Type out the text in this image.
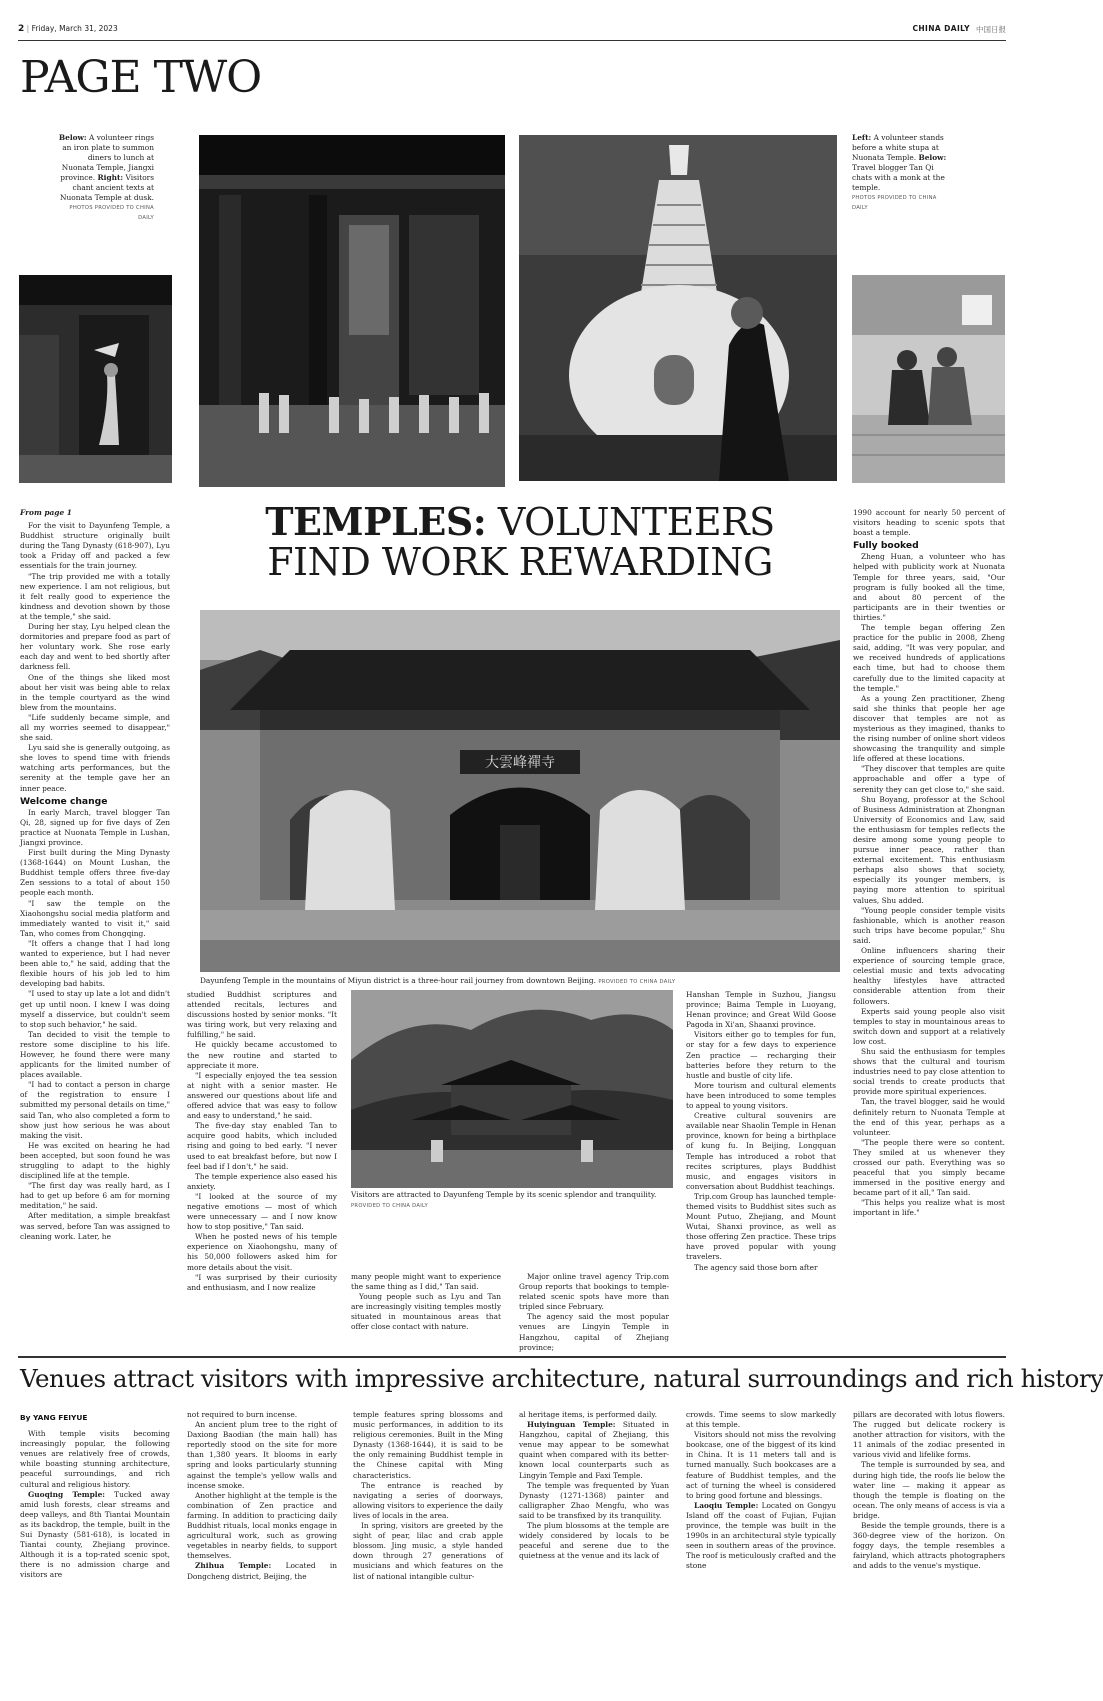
2 | Friday, March 31, 2023	CHINA DAILY 中国日报
PAGE TWO
Below: A volunteer rings an iron plate to summon diners to lunch at Nuonata Temple, Jiangxi province. Right: Visitors chant ancient texts at Nuonata Temple at dusk.
PHOTOS PROVIDED TO CHINA DAILY
Left: A volunteer stands before a white stupa at Nuonata Temple. Below: Travel blogger Tan Qi chats with a monk at the temple.
PHOTOS PROVIDED TO CHINA DAILY
TEMPLES: VOLUNTEERS
FIND WORK REWARDING
大雲峰禪寺
Dayunfeng Temple in the mountains of Miyun district is a three-hour rail journey from downtown Beijing. PROVIDED TO CHINA DAILY
Visitors are attracted to Dayunfeng Temple by its scenic splendor and tranquility. PROVIDED TO CHINA DAILY

From page 1

For the visit to Dayunfeng Temple, a Buddhist structure originally built during the Tang Dynasty (618-907), Lyu took a Friday off and packed a few essentials for the train journey.

"The trip provided me with a totally new experience. I am not religious, but it felt really good to experience the kindness and devotion shown by those at the temple," she said.

During her stay, Lyu helped clean the dormitories and prepare food as part of her voluntary work. She rose early each day and went to bed shortly after darkness fell.

One of the things she liked most about her visit was being able to relax in the temple courtyard as the wind blew from the mountains.

"Life suddenly became simple, and all my worries seemed to disappear," she said.

Lyu said she is generally outgoing, as she loves to spend time with friends watching arts performances, but the serenity at the temple gave her an inner peace.

Welcome change

In early March, travel blogger Tan Qi, 28, signed up for five days of Zen practice at Nuonata Temple in Lushan, Jiangxi province.

First built during the Ming Dynasty (1368-1644) on Mount Lushan, the Buddhist temple offers three five-day Zen sessions to a total of about 150 people each month.

"I saw the temple on the Xiaohongshu social media platform and immediately wanted to visit it," said Tan, who comes from Chongqing.

"It offers a change that I had long wanted to experience, but I had never been able to," he said, adding that the flexible hours of his job led to him developing bad habits.

"I used to stay up late a lot and didn't get up until noon. I knew I was doing myself a disservice, but couldn't seem to stop such behavior," he said.

Tan decided to visit the temple to restore some discipline to his life. However, he found there were many applicants for the limited number of places available.

"I had to contact a person in charge of the registration to ensure I submitted my personal details on time," said Tan, who also completed a form to show just how serious he was about making the visit.

He was excited on hearing he had been accepted, but soon found he was struggling to adapt to the highly disciplined life at the temple.

"The first day was really hard, as I had to get up before 6 am for morning meditation," he said.

After meditation, a simple breakfast was served, before Tan was assigned to cleaning work. Later, he

studied Buddhist scriptures and attended recitals, lectures and discussions hosted by senior monks. "It was tiring work, but very relaxing and fulfilling," he said.

He quickly became accustomed to the new routine and started to appreciate it more.

"I especially enjoyed the tea session at night with a senior master. He answered our questions about life and offered advice that was easy to follow and easy to understand," he said.

The five-day stay enabled Tan to acquire good habits, which included rising and going to bed early. "I never used to eat breakfast before, but now I feel bad if I don't," he said.

The temple experience also eased his anxiety.

"I looked at the source of my negative emotions — most of which were unnecessary — and I now know how to stop positive," Tan said.

When he posted news of his temple experience on Xiaohongshu, many of his 50,000 followers asked him for more details about the visit.

"I was surprised by their curiosity and enthusiasm, and I now realize

many people might want to experience the same thing as I did," Tan said.

Young people such as Lyu and Tan are increasingly visiting temples mostly situated in mountainous areas that offer close contact with nature.

Major online travel agency Trip.com Group reports that bookings to temple-related scenic spots have more than tripled since February.

The agency said the most popular venues are Lingyin Temple in Hangzhou, capital of Zhejiang province;

Hanshan Temple in Suzhou, Jiangsu province; Baima Temple in Luoyang, Henan province; and Great Wild Goose Pagoda in Xi'an, Shaanxi province.

Visitors either go to temples for fun, or stay for a few days to experience Zen practice — recharging their batteries before they return to the hustle and bustle of city life.

More tourism and cultural elements have been introduced to some temples to appeal to young visitors.

Creative cultural souvenirs are available near Shaolin Temple in Henan province, known for being a birthplace of kung fu. In Beijing, Longquan Temple has introduced a robot that recites scriptures, plays Buddhist music, and engages visitors in conversation about Buddhist teachings.

Trip.com Group has launched temple-themed visits to Buddhist sites such as Mount Putuo, Zhejiang, and Mount Wutai, Shanxi province, as well as those offering Zen practice. These trips have proved popular with young travelers.

The agency said those born after

1990 account for nearly 50 percent of visitors heading to scenic spots that boast a temple.

Fully booked

Zheng Huan, a volunteer who has helped with publicity work at Nuonata Temple for three years, said, "Our program is fully booked all the time, and about 80 percent of the participants are in their twenties or thirties."

The temple began offering Zen practice for the public in 2008, Zheng said, adding, "It was very popular, and we received hundreds of applications each time, but had to choose them carefully due to the limited capacity at the temple."

As a young Zen practitioner, Zheng said she thinks that people her age discover that temples are not as mysterious as they imagined, thanks to the rising number of online short videos showcasing the tranquility and simple life offered at these locations.

"They discover that temples are quite approachable and offer a type of serenity they can get close to," she said.

Shu Boyang, professor at the School of Business Administration at Zhongnan University of Economics and Law, said the enthusiasm for temples reflects the desire among some young people to pursue inner peace, rather than external excitement. This enthusiasm perhaps also shows that society, especially its younger members, is paying more attention to spiritual values, Shu added.

"Young people consider temple visits fashionable, which is another reason such trips have become popular," Shu said.

Online influencers sharing their experience of sourcing temple grace, celestial music and texts advocating healthy lifestyles have attracted considerable attention from their followers.

Experts said young people also visit temples to stay in mountainous areas to switch down and support at a relatively low cost.

Shu said the enthusiasm for temples shows that the cultural and tourism industries need to pay close attention to social trends to create products that provide more spiritual experiences.

Tan, the travel blogger, said he would definitely return to Nuonata Temple at the end of this year, perhaps as a volunteer.

"The people there were so content. They smiled at us whenever they crossed our path. Everything was so peaceful that you simply became immersed in the positive energy and became part of it all," Tan said.

"This helps you realize what is most important in life."

Venues attract visitors with impressive architecture, natural surroundings and rich history

By YANG FEIYUE

With temple visits becoming increasingly popular, the following venues are relatively free of crowds, while boasting stunning architecture, peaceful surroundings, and rich cultural and religious history.

Guoqing Temple: Tucked away amid lush forests, clear streams and deep valleys, and 8th Tiantai Mountain as its backdrop, the temple, built in the Sui Dynasty (581-618), is located in Tiantai county, Zhejiang province. Although it is a top-rated scenic spot, there is no admission charge and visitors are

not required to burn incense.

An ancient plum tree to the right of Daxiong Baodian (the main hall) has reportedly stood on the site for more than 1,380 years. It blooms in early spring and looks particularly stunning against the temple's yellow walls and incense smoke.

Another highlight at the temple is the combination of Zen practice and farming. In addition to practicing daily Buddhist rituals, local monks engage in agricultural work, such as growing vegetables in nearby fields, to support themselves.

Zhihua Temple: Located in Dongcheng district, Beijing, the

temple features spring blossoms and music performances, in addition to its religious ceremonies. Built in the Ming Dynasty (1368-1644), it is said to be the only remaining Buddhist temple in the Chinese capital with Ming characteristics.

The entrance is reached by navigating a series of doorways, allowing visitors to experience the daily lives of locals in the area.

In spring, visitors are greeted by the sight of pear, lilac and crab apple blossom. Jing music, a style handed down through 27 generations of musicians and which features on the list of national intangible cultur-

al heritage items, is performed daily.

Huiyinguan Temple: Situated in Hangzhou, capital of Zhejiang, this venue may appear to be somewhat quaint when compared with its better-known local counterparts such as Lingyin Temple and Faxi Temple.

The temple was frequented by Yuan Dynasty (1271-1368) painter and calligrapher Zhao Mengfu, who was said to be transfixed by its tranquility.

The plum blossoms at the temple are widely considered by locals to be peaceful and serene due to the quietness at the venue and its lack of

crowds. Time seems to slow markedly at this temple.

Visitors should not miss the revolving bookcase, one of the biggest of its kind in China. It is 11 meters tall and is turned manually. Such bookcases are a feature of Buddhist temples, and the act of turning the wheel is considered to bring good fortune and blessings.

Laoqiu Temple: Located on Gongyu Island off the coast of Fujian, Fujian province, the temple was built in the 1990s in an architectural style typically seen in southern areas of the province. The roof is meticulously crafted and the stone

pillars are decorated with lotus flowers. The rugged but delicate rockery is another attraction for visitors, with the 11 animals of the zodiac presented in various vivid and lifelike forms.

The temple is surrounded by sea, and during high tide, the roofs lie below the water line — making it appear as though the temple is floating on the ocean. The only means of access is via a bridge.

Beside the temple grounds, there is a 360-degree view of the horizon. On foggy days, the temple resembles a fairyland, which attracts photographers and adds to the venue's mystique.
